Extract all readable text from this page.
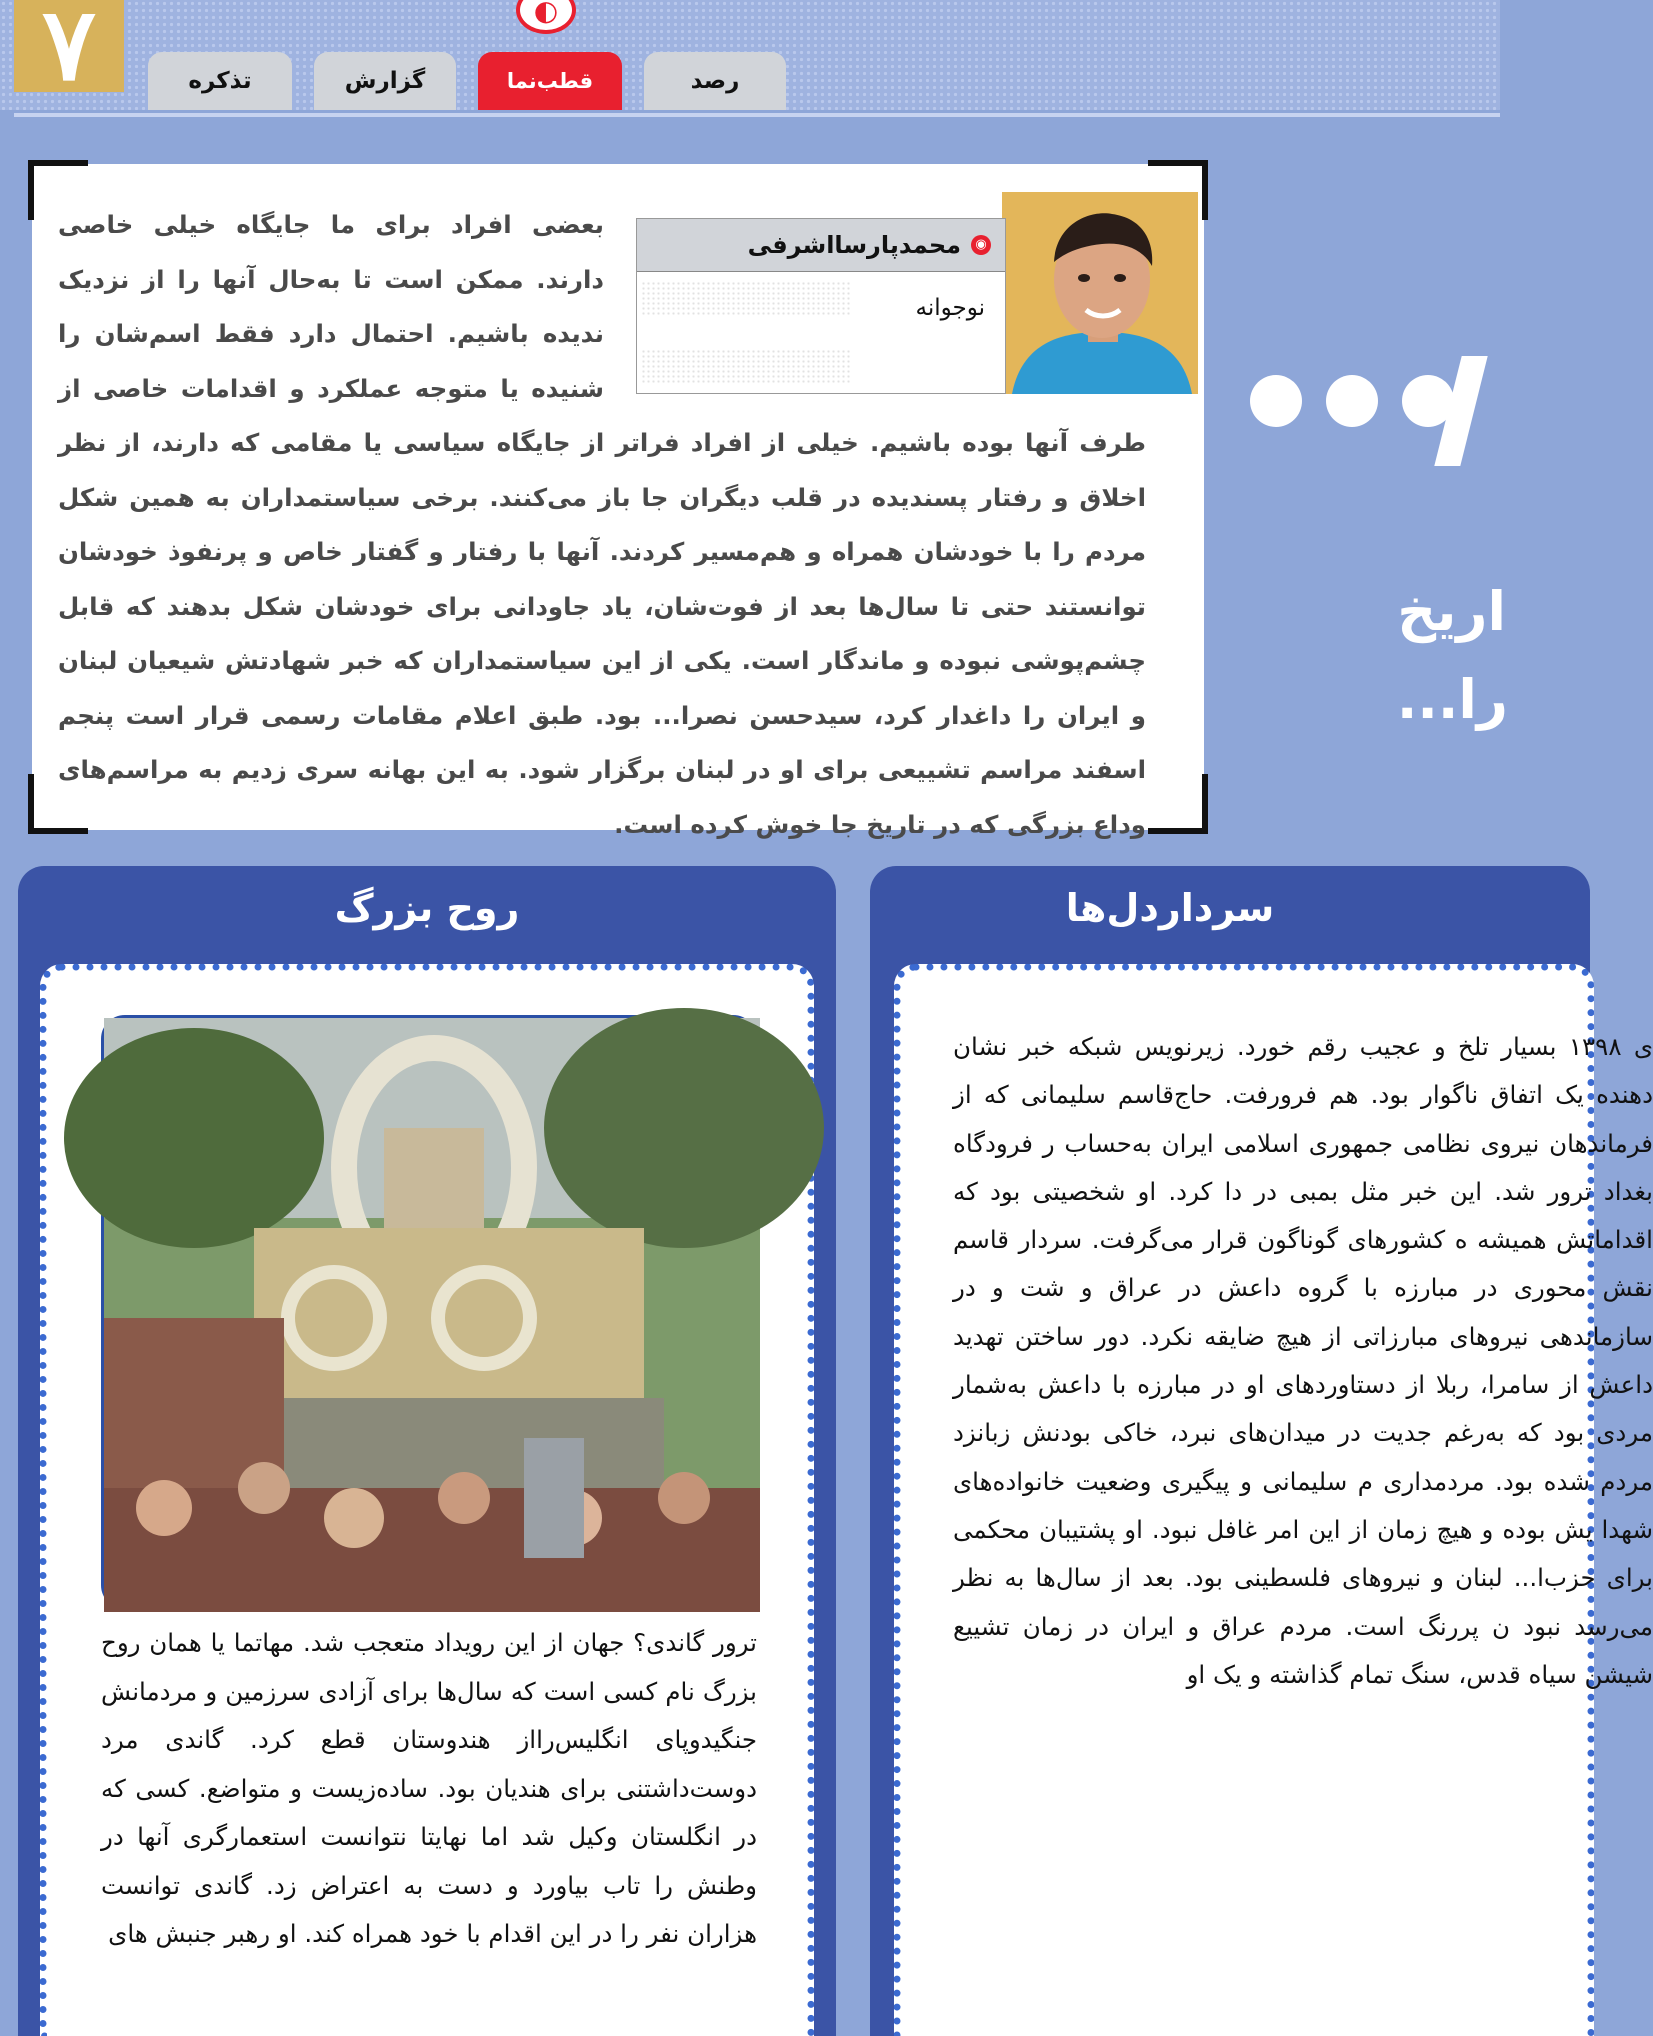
۷	رصد
قطب‌نما
◐
گزارش
تذکره
◉
محمدپارسااشرفی
نوجوانه
بعضی افراد برای ما جایگاه خیلی خاصی دارند. ممکن است تا به‌حال آنها را از نزدیک ندیده باشیم. احتمال دارد فقط اسم‌شان را شنیده یا متوجه عملکرد و اقدامات خاصی از طرف آنها بوده باشیم. خیلی از افراد فراتر از جایگاه سیاسی یا مقامی که دارند، از نظر اخلاق و رفتار پسندیده در قلب دیگران جا باز می‌کنند. برخی سیاستمداران به همین شکل مردم را با خودشان همراه و هم‌مسیر کردند. آنها با رفتار و گفتار خاص و پرنفوذ خودشان توانستند حتی تا سال‌ها بعد از فوت‌شان، یاد جاودانی برای خودشان شکل بدهند که قابل چشم‌پوشی نبوده و ماندگار است. یکی از این سیاستمداران که خبر شهادتش شیعیان لبنان و ایران را داغدار کرد، سیدحسن نصرا... بود. طبق اعلام مقامات رسمی قرار است پنجم اسفند مراسم تشییعی برای او در لبنان برگزار شود. به این بهانه سری زدیم به مراسم‌های وداع بزرگی که در تاریخ جا خوش کرده است.
اریخ
را...
روح بزرگ
ترور گاندی؟ جهان از این رویداد متعجب شد. مهاتما یا همان روح بزرگ نام کسی است که سال‌ها برای آزادی سرزمین و مردمانش جنگیدوپای انگلیس‌رااز هندوستان قطع کرد. گاندی مرد دوست‌داشتنی برای هندیان بود. ساده‌زیست و متواضع. کسی که در انگلستان وکیل شد اما نهایتا نتوانست استعمارگری آنها در وطنش را تاب بیاورد و دست به اعتراض زد. گاندی توانست هزاران نفر را در این اقدام با خود همراه کند. او رهبر جنبش های
سرداردل‌ها
ی ۱۳۹۸ بسیار تلخ و عجیب رقم خورد. زیرنویس شبکه خبر نشان دهنده یک اتفاق ناگوار بود. هم فرورفت. حاج‌قاسم سلیمانی که از فرماندهان نیروی نظامی جمهوری اسلامی ایران به‌حساب ر فرودگاه بغداد ترور شد. این خبر مثل بمبی در دا کرد. او شخصیتی بود که اقداماتش همیشه ه کشورهای گوناگون قرار می‌گرفت. سردار قاسم نقش محوری در مبارزه با گروه داعش در عراق و شت و در سازماندهی نیروهای مبارزاتی از هیچ ضایقه نکرد. دور ساختن تهدید داعش از سامرا، ربلا از دستاوردهای او در مبارزه با داعش به‌شمار مردی بود که به‌رغم جدیت در میدان‌های نبرد، خاکی بودنش زبانزد مردم شده بود. مردمداری م سلیمانی و پیگیری وضعیت خانواده‌های شهدا یش بوده و هیچ زمان از این امر غافل نبود. او پشتیبان محکمی برای حزب‌ا... لبنان و نیروهای فلسطینی بود. بعد از سال‌ها به نظر می‌رسد نبود ن پررنگ است. مردم عراق و ایران در زمان تشییع شیشن سیاه قدس، سنگ تمام گذاشته و یک او
